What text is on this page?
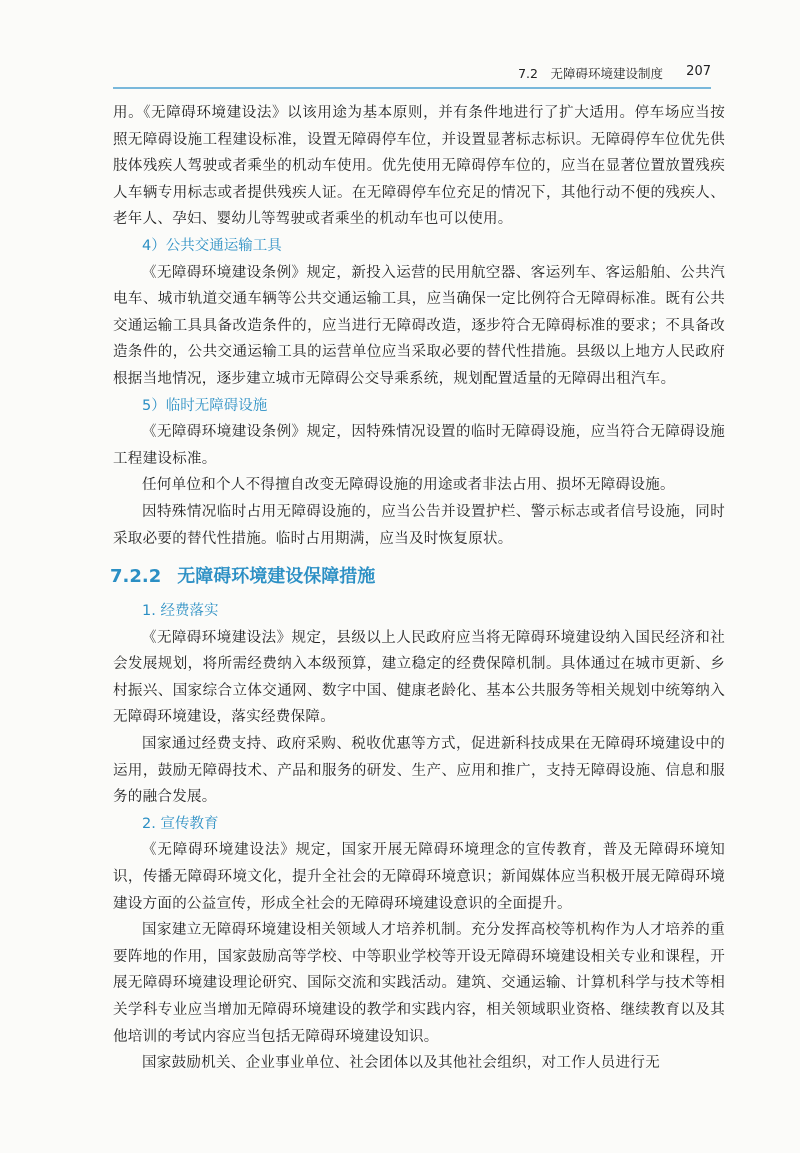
7.2　无障碍环境建设制度 207

用。《无障碍环境建设法》以该用途为基本原则，并有条件地进行了扩大适用。停车场应当按照无障碍设施工程建设标准，设置无障碍停车位，并设置显著标志标识。无障碍停车位优先供肢体残疾人驾驶或者乘坐的机动车使用。优先使用无障碍停车位的，应当在显著位置放置残疾人车辆专用标志或者提供残疾人证。在无障碍停车位充足的情况下，其他行动不便的残疾人、老年人、孕妇、婴幼儿等驾驶或者乘坐的机动车也可以使用。

4）公共交通运输工具

《无障碍环境建设条例》规定，新投入运营的民用航空器、客运列车、客运船舶、公共汽电车、城市轨道交通车辆等公共交通运输工具，应当确保一定比例符合无障碍标准。既有公共交通运输工具具备改造条件的，应当进行无障碍改造，逐步符合无障碍标准的要求；不具备改造条件的，公共交通运输工具的运营单位应当采取必要的替代性措施。县级以上地方人民政府根据当地情况，逐步建立城市无障碍公交导乘系统，规划配置适量的无障碍出租汽车。

5）临时无障碍设施

《无障碍环境建设条例》规定，因特殊情况设置的临时无障碍设施，应当符合无障碍设施工程建设标准。

任何单位和个人不得擅自改变无障碍设施的用途或者非法占用、损坏无障碍设施。

因特殊情况临时占用无障碍设施的，应当公告并设置护栏、警示标志或者信号设施，同时采取必要的替代性措施。临时占用期满，应当及时恢复原状。

7.2.2 无障碍环境建设保障措施
1. 经费落实

《无障碍环境建设法》规定，县级以上人民政府应当将无障碍环境建设纳入国民经济和社会发展规划，将所需经费纳入本级预算，建立稳定的经费保障机制。具体通过在城市更新、乡村振兴、国家综合立体交通网、数字中国、健康老龄化、基本公共服务等相关规划中统筹纳入无障碍环境建设，落实经费保障。

国家通过经费支持、政府采购、税收优惠等方式，促进新科技成果在无障碍环境建设中的运用，鼓励无障碍技术、产品和服务的研发、生产、应用和推广，支持无障碍设施、信息和服务的融合发展。

2. 宣传教育

《无障碍环境建设法》规定，国家开展无障碍环境理念的宣传教育，普及无障碍环境知识，传播无障碍环境文化，提升全社会的无障碍环境意识；新闻媒体应当积极开展无障碍环境建设方面的公益宣传，形成全社会的无障碍环境建设意识的全面提升。

国家建立无障碍环境建设相关领域人才培养机制。充分发挥高校等机构作为人才培养的重要阵地的作用，国家鼓励高等学校、中等职业学校等开设无障碍环境建设相关专业和课程，开展无障碍环境建设理论研究、国际交流和实践活动。建筑、交通运输、计算机科学与技术等相关学科专业应当增加无障碍环境建设的教学和实践内容，相关领域职业资格、继续教育以及其他培训的考试内容应当包括无障碍环境建设知识。

国家鼓励机关、企业事业单位、社会团体以及其他社会组织，对工作人员进行无
